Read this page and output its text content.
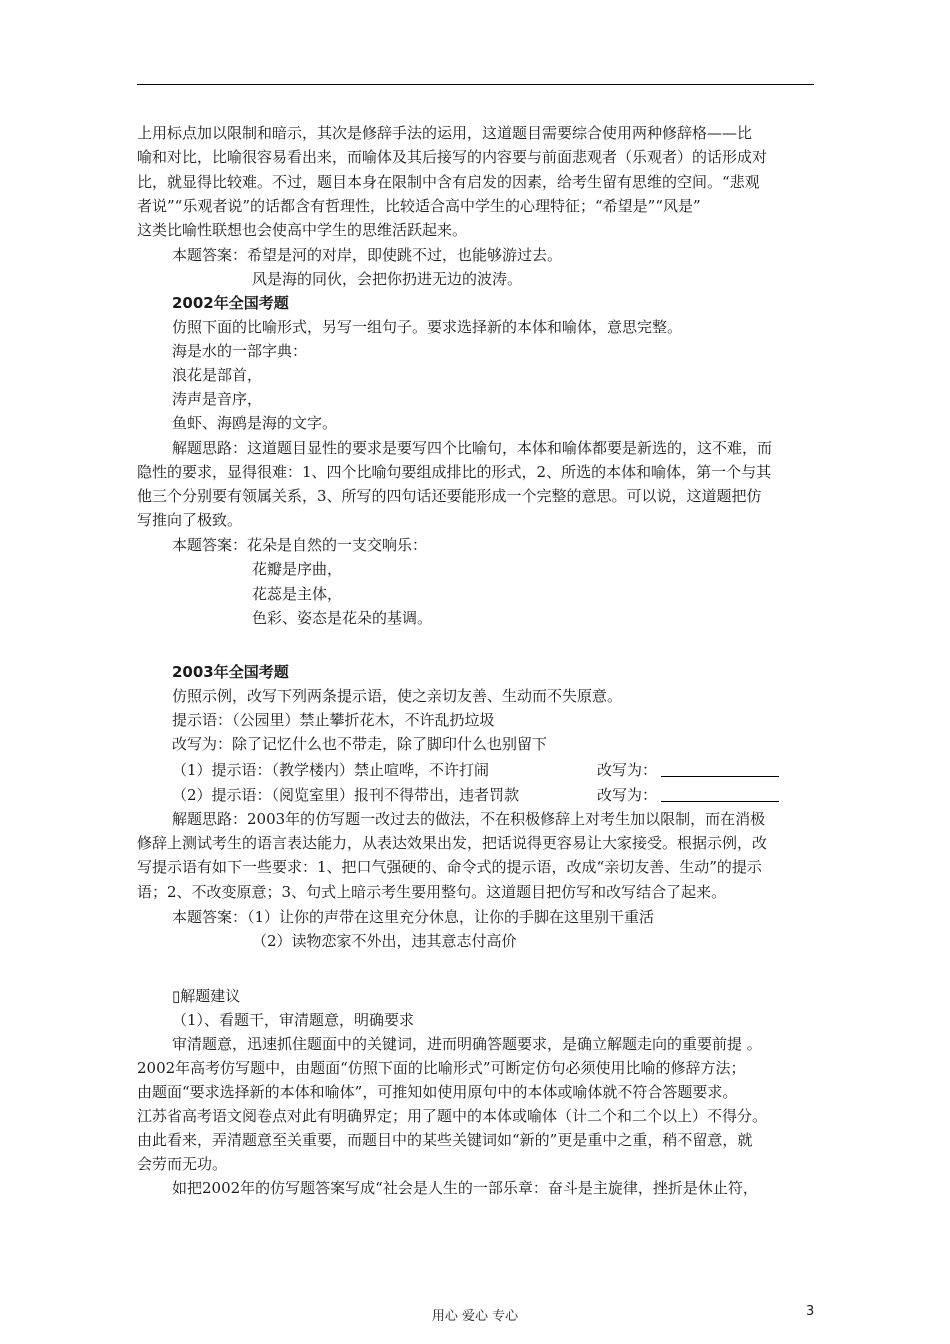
上用标点加以限制和暗示，其次是修辞手法的运用，这道题目需要综合使用两种修辞格——比
喻和对比，比喻很容易看出来，而喻体及其后接写的内容要与前面悲观者（乐观者）的话形成对
比，就显得比较难。不过，题目本身在限制中含有启发的因素，给考生留有思维的空间。“悲观
者说”“乐观者说”的话都含有哲理性，比较适合高中学生的心理特征；“希望是”“风是”
这类比喻性联想也会使高中学生的思维活跃起来。
本题答案：希望是河的对岸，即使跳不过，也能够游过去。
风是海的同伙，会把你扔进无边的波涛。
2002年全国考题
仿照下面的比喻形式，另写一组句子。要求选择新的本体和喻体，意思完整。
海是水的一部字典：
浪花是部首，
涛声是音序，
鱼虾、海鸥是海的文字。
解题思路：这道题目显性的要求是要写四个比喻句，本体和喻体都要是新选的，这不难，而
隐性的要求，显得很难：1、四个比喻句要组成排比的形式，2、所选的本体和喻体，第一个与其
他三个分别要有领属关系，3、所写的四句话还要能形成一个完整的意思。可以说，这道题把仿
写推向了极致。
本题答案：花朵是自然的一支交响乐：
花瓣是序曲，
花蕊是主体，
色彩、姿态是花朵的基调。
2003年全国考题
仿照示例，改写下列两条提示语，使之亲切友善、生动而不失原意。
提示语：（公园里）禁止攀折花木，不许乱扔垃圾
改写为：除了记忆什么也不带走，除了脚印什么也别留下
（1）提示语：（教学楼内）禁止喧哗，不许打闹	改写为：
（2）提示语：（阅览室里）报刊不得带出，违者罚款	改写为：
解题思路：2003年的仿写题一改过去的做法，不在积极修辞上对考生加以限制，而在消极
修辞上测试考生的语言表达能力，从表达效果出发，把话说得更容易让大家接受。根据示例，改
写提示语有如下一些要求：1、把口气强硬的、命令式的提示语，改成“亲切友善、生动”的提示
语；2、不改变原意；3、句式上暗示考生要用整句。这道题目把仿写和改写结合了起来。
本题答案：（1）让你的声带在这里充分休息，让你的手脚在这里别干重活
（2）读物恋家不外出，违其意志付高价
▯解题建议
（1）、看题干，审清题意，明确要求
审清题意，迅速抓住题面中的关键词，进而明确答题要求，是确立解题走向的重要前提 。
2002年高考仿写题中，由题面“仿照下面的比喻形式”可断定仿句必须使用比喻的修辞方法；
由题面“要求选择新的本体和喻体”，可推知如使用原句中的本体或喻体就不符合答题要求。
江苏省高考语文阅卷点对此有明确界定；用了题中的本体或喻体（计二个和二个以上）不得分。
由此看来，弄清题意至关重要，而题目中的某些关键词如“新的”更是重中之重，稍不留意，就
会劳而无功。
如把2002年的仿写题答案写成“社会是人生的一部乐章：奋斗是主旋律，挫折是休止符，
用心 爱心 专心	3
